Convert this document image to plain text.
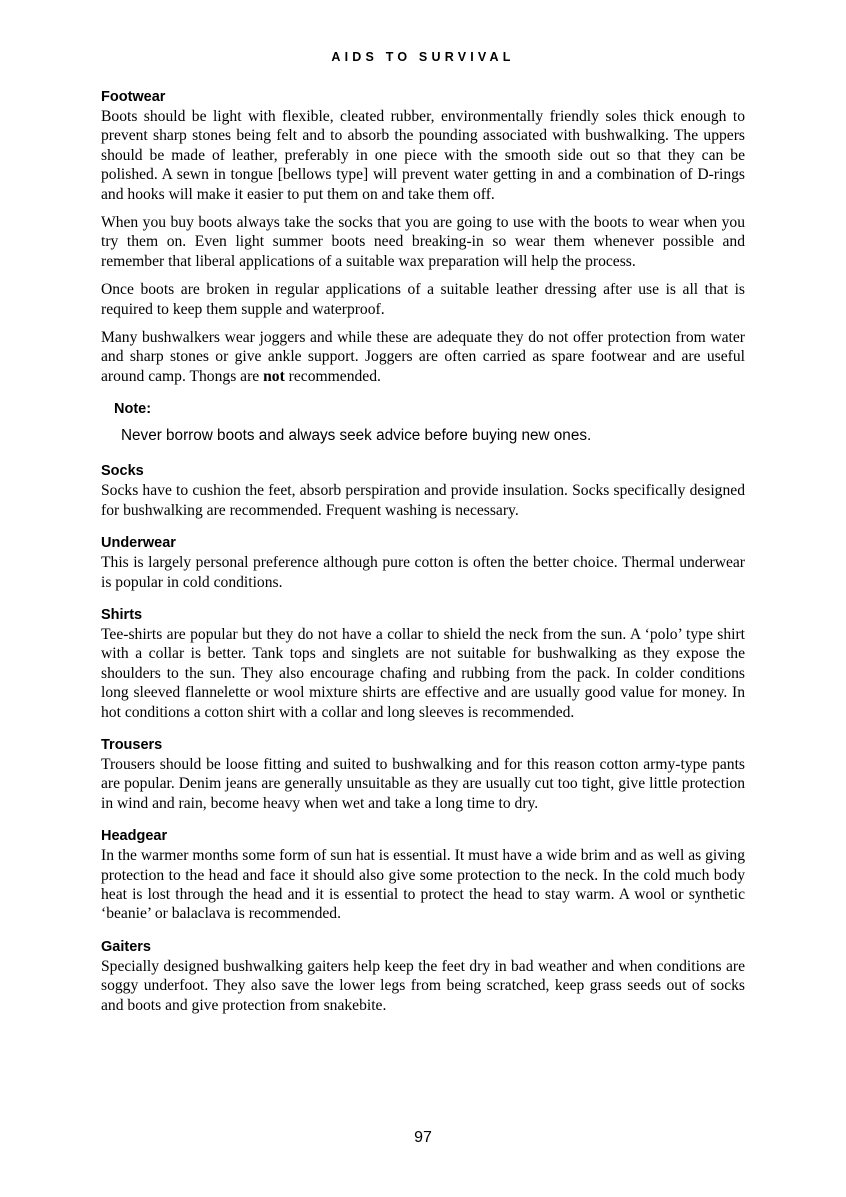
AIDS TO SURVIVAL
Footwear

Boots should be light with flexible, cleated rubber, environmentally friendly soles thick enough to prevent sharp stones being felt and to absorb the pounding associated with bushwalking. The uppers should be made of leather, preferably in one piece with the smooth side out so that they can be polished. A sewn in tongue [bellows type] will prevent water getting in and a combination of D-rings and hooks will make it easier to put them on and take them off.

When you buy boots always take the socks that you are going to use with the boots to wear when you try them on. Even light summer boots need breaking-in so wear them whenever possible and remember that liberal applications of a suitable wax preparation will help the process.

Once boots are broken in regular applications of a suitable leather dressing after use is all that is required to keep them supple and waterproof.

Many bushwalkers wear joggers and while these are adequate they do not offer protection from water and sharp stones or give ankle support. Joggers are often carried as spare footwear and are useful around camp. Thongs are not recommended.

Note:
Never borrow boots and always seek advice before buying new ones.
Socks

Socks have to cushion the feet, absorb perspiration and provide insulation. Socks specifically designed for bushwalking are recommended. Frequent washing is necessary.

Underwear

This is largely personal preference although pure cotton is often the better choice. Thermal underwear is popular in cold conditions.

Shirts

Tee-shirts are popular but they do not have a collar to shield the neck from the sun. A ‘polo’ type shirt with a collar is better. Tank tops and singlets are not suitable for bushwalking as they expose the shoulders to the sun. They also encourage chafing and rubbing from the pack. In colder conditions long sleeved flannelette or wool mixture shirts are effective and are usually good value for money. In hot conditions a cotton shirt with a collar and long sleeves is recommended.

Trousers

Trousers should be loose fitting and suited to bushwalking and for this reason cotton army-type pants are popular. Denim jeans are generally unsuitable as they are usually cut too tight, give little protection in wind and rain, become heavy when wet and take a long time to dry.

Headgear

In the warmer months some form of sun hat is essential. It must have a wide brim and as well as giving protection to the head and face it should also give some protection to the neck. In the cold much body heat is lost through the head and it is essential to protect the head to stay warm. A wool or synthetic ‘beanie’ or balaclava is recommended.

Gaiters

Specially designed bushwalking gaiters help keep the feet dry in bad weather and when conditions are soggy underfoot. They also save the lower legs from being scratched, keep grass seeds out of socks and boots and give protection from snakebite.

97
